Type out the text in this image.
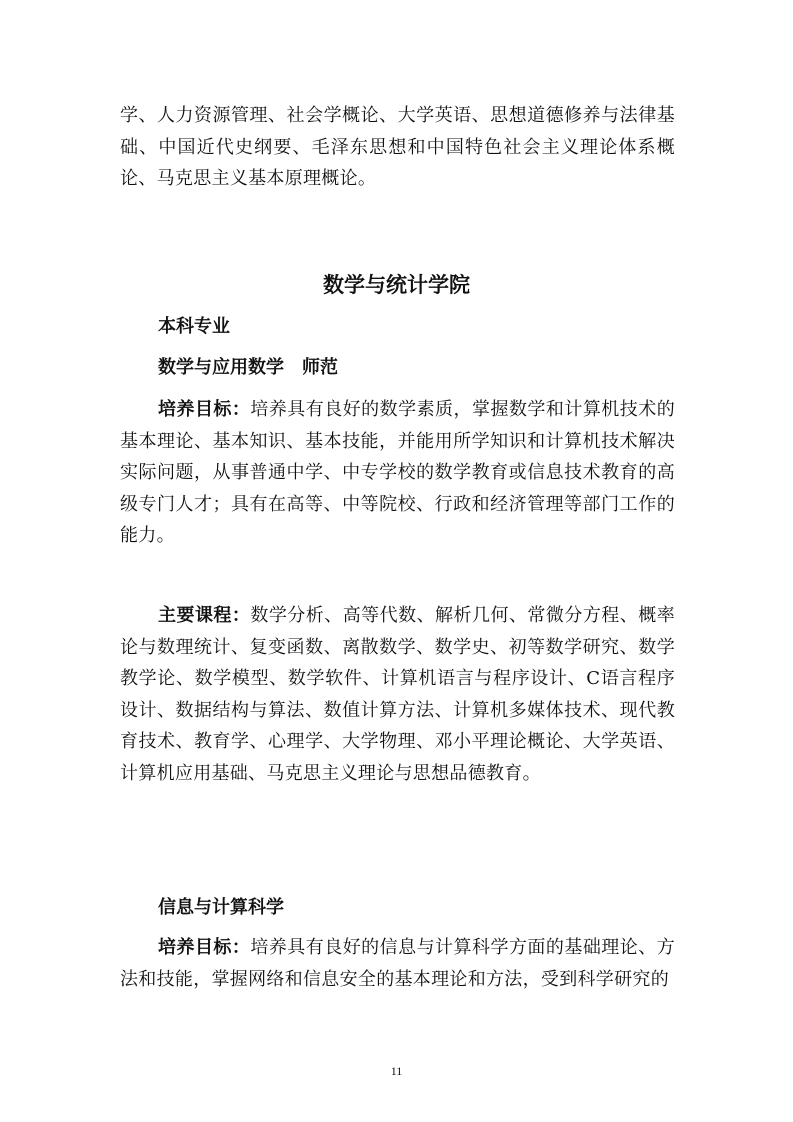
学、人力资源管理、社会学概论、大学英语、思想道德修养与法律基础、中国近代史纲要、毛泽东思想和中国特色社会主义理论体系概论、马克思主义基本原理概论。
数学与统计学院
本科专业
数学与应用数学　师范
培养目标：培养具有良好的数学素质，掌握数学和计算机技术的基本理论、基本知识、基本技能，并能用所学知识和计算机技术解决实际问题，从事普通中学、中专学校的数学教育或信息技术教育的高级专门人才；具有在高等、中等院校、行政和经济管理等部门工作的能力。
主要课程：数学分析、高等代数、解析几何、常微分方程、概率论与数理统计、复变函数、离散数学、数学史、初等数学研究、数学教学论、数学模型、数学软件、计算机语言与程序设计、C语言程序设计、数据结构与算法、数值计算方法、计算机多媒体技术、现代教育技术、教育学、心理学、大学物理、邓小平理论概论、大学英语、计算机应用基础、马克思主义理论与思想品德教育。
信息与计算科学
培养目标：培养具有良好的信息与计算科学方面的基础理论、方法和技能，掌握网络和信息安全的基本理论和方法，受到科学研究的
11
